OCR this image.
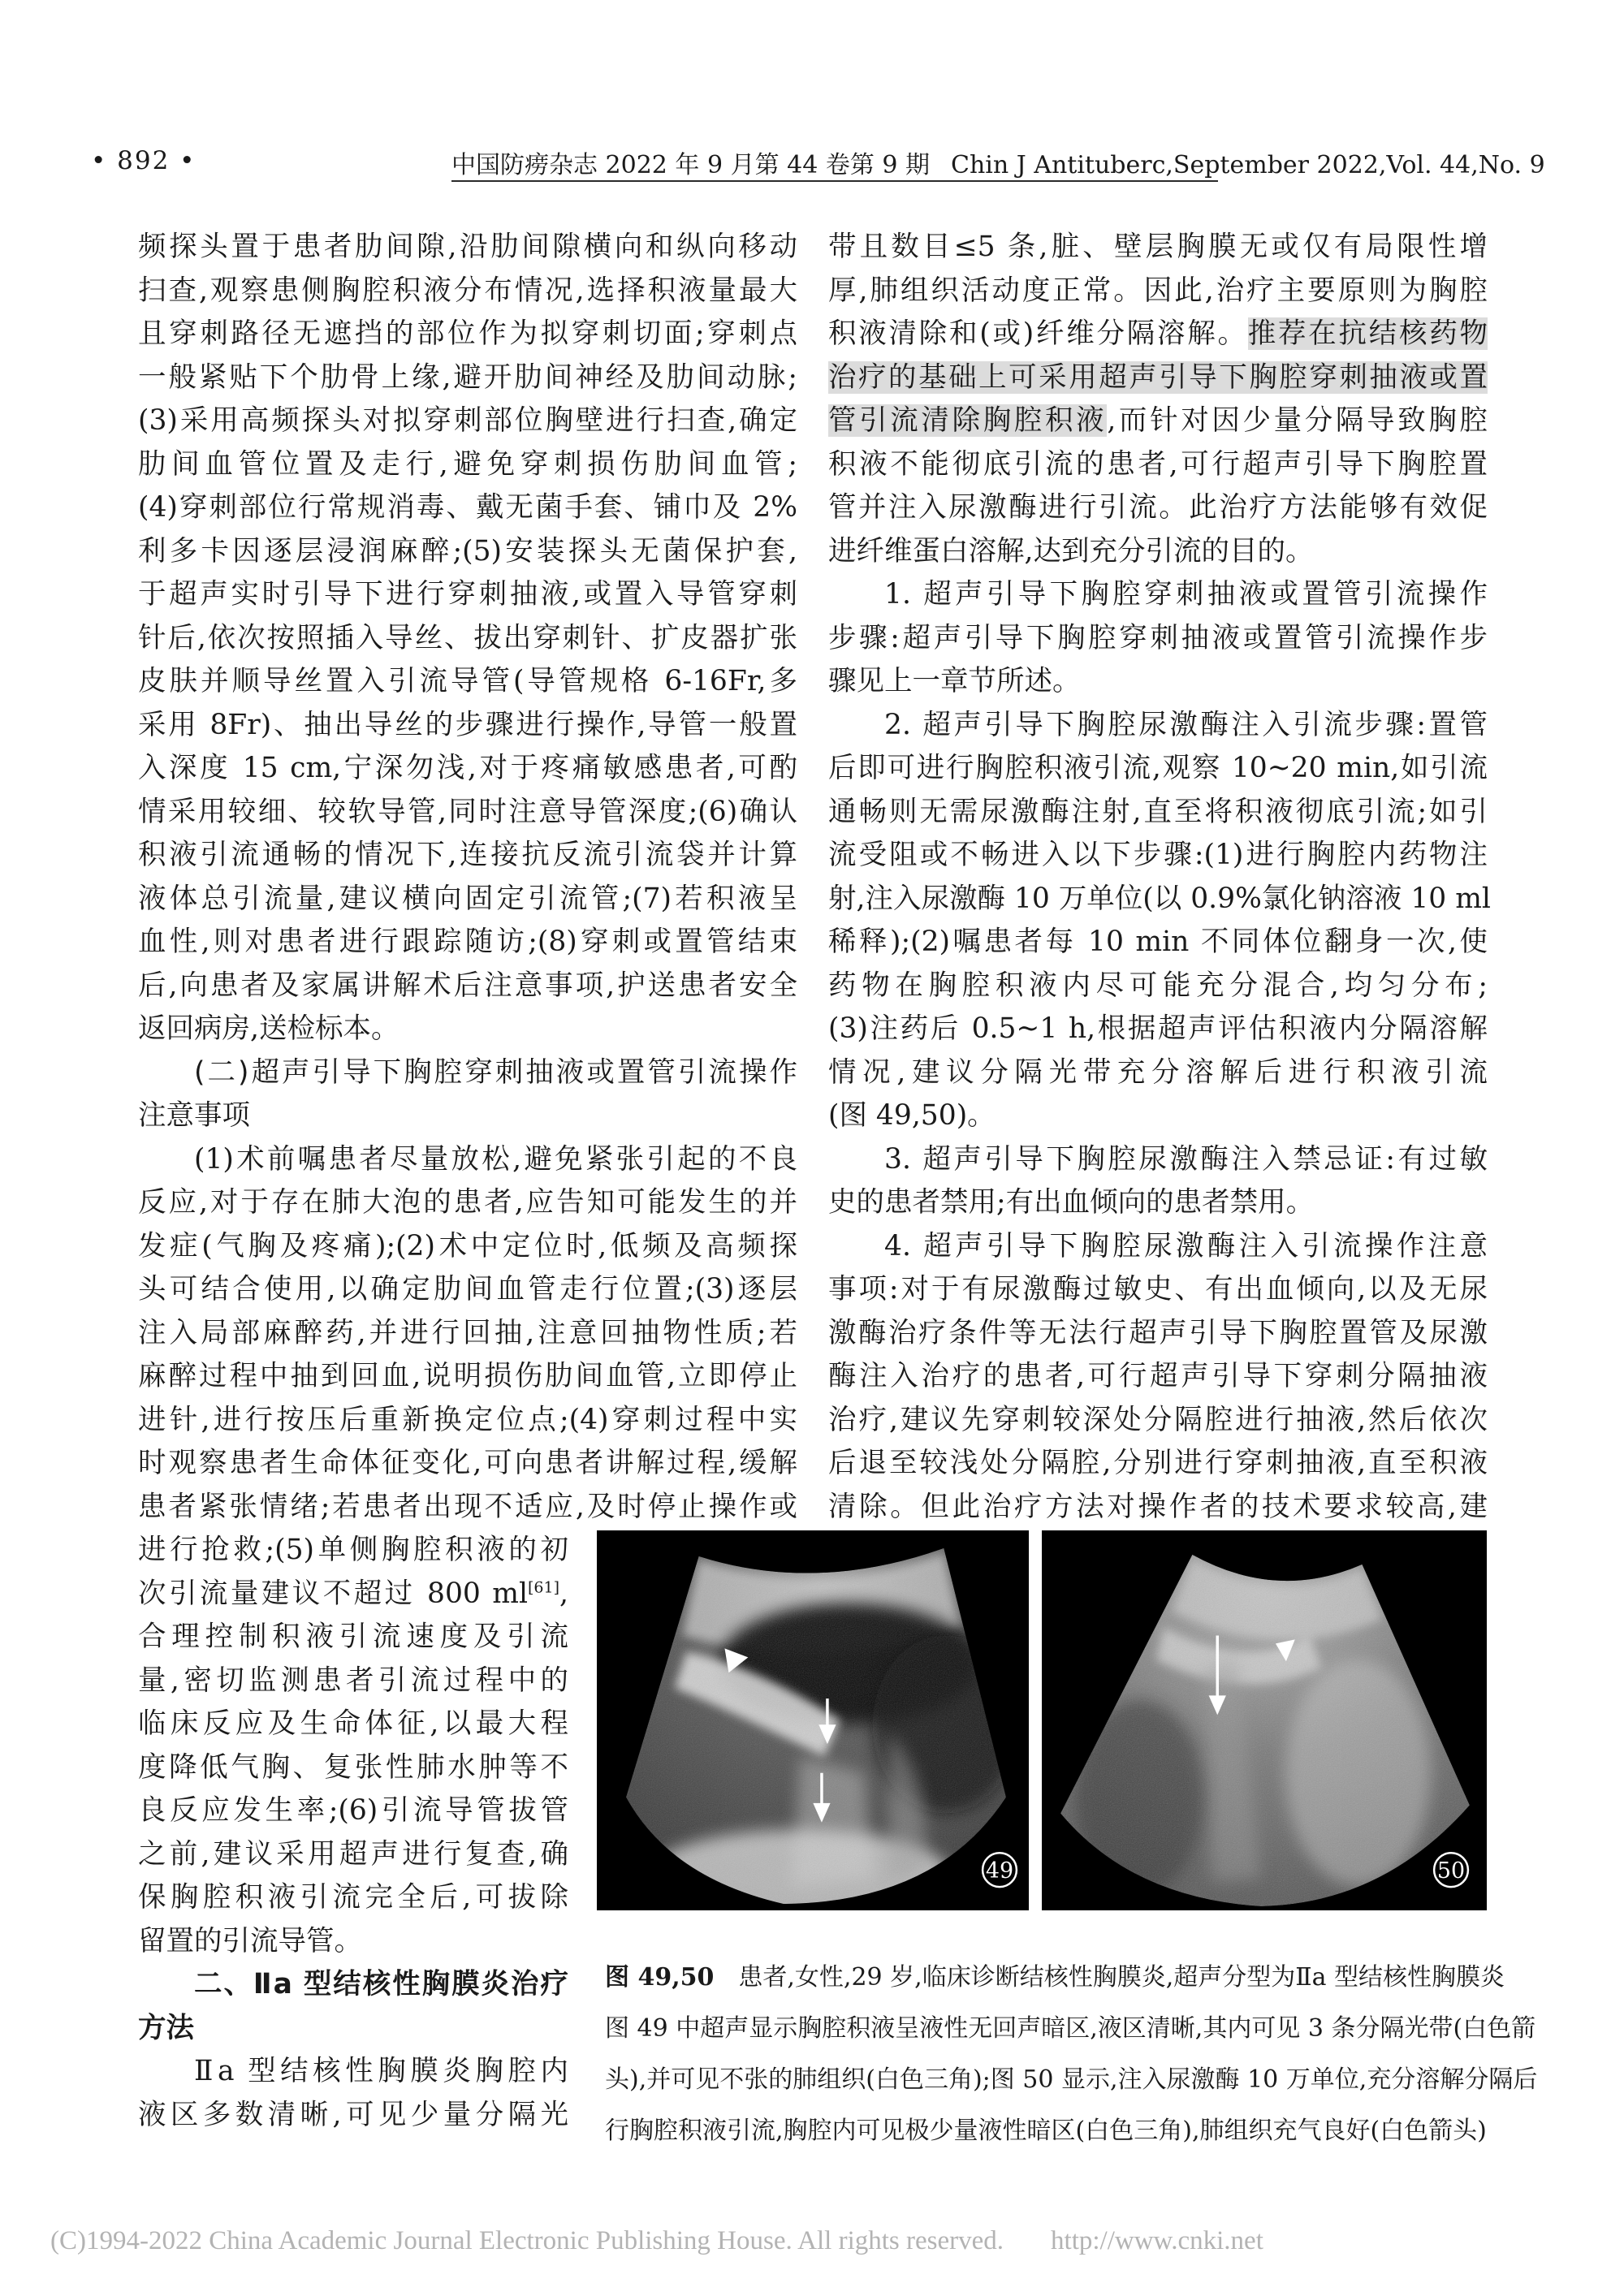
• 892 •	中国防痨杂志 2022 年 9 月第 44 卷第 9 期 Chin J Antituberc,September 2022,Vol. 44,No. 9
频探头置于患者肋间隙,沿肋间隙横向和纵向移动
扫查,观察患侧胸腔积液分布情况,选择积液量最大
且穿刺路径无遮挡的部位作为拟穿刺切面;穿刺点
一般紧贴下个肋骨上缘,避开肋间神经及肋间动脉;
(3)采用高频探头对拟穿刺部位胸壁进行扫查,确定
肋间血管位置及走行,避免穿刺损伤肋间血管;
(4)穿刺部位行常规消毒、戴无菌手套、铺巾及 2%
利多卡因逐层浸润麻醉;(5)安装探头无菌保护套,
于超声实时引导下进行穿刺抽液,或置入导管穿刺
针后,依次按照插入导丝、拔出穿刺针、扩皮器扩张
皮肤并顺导丝置入引流导管(导管规格 6-16Fr,多
采用 8Fr)、抽出导丝的步骤进行操作,导管一般置
入深度 15 cm,宁深勿浅,对于疼痛敏感患者,可酌
情采用较细、较软导管,同时注意导管深度;(6)确认
积液引流通畅的情况下,连接抗反流引流袋并计算
液体总引流量,建议横向固定引流管;(7)若积液呈
血性,则对患者进行跟踪随访;(8)穿刺或置管结束
后,向患者及家属讲解术后注意事项,护送患者安全
返回病房,送检标本。
(二)超声引导下胸腔穿刺抽液或置管引流操作
注意事项
(1)术前嘱患者尽量放松,避免紧张引起的不良
反应,对于存在肺大泡的患者,应告知可能发生的并
发症(气胸及疼痛);(2)术中定位时,低频及高频探
头可结合使用,以确定肋间血管走行位置;(3)逐层
注入局部麻醉药,并进行回抽,注意回抽物性质;若
麻醉过程中抽到回血,说明损伤肋间血管,立即停止
进针,进行按压后重新换定位点;(4)穿刺过程中实
时观察患者生命体征变化,可向患者讲解过程,缓解
患者紧张情绪;若患者出现不适应,及时停止操作或
进行抢救;(5)单侧胸腔积液的初
次引流量建议不超过 800 ml[61],
合理控制积液引流速度及引流
量,密切监测患者引流过程中的
临床反应及生命体征,以最大程
度降低气胸、复张性肺水肿等不
良反应发生率;(6)引流导管拔管
之前,建议采用超声进行复查,确
保胸腔积液引流完全后,可拔除
留置的引流导管。
二、Ⅱa 型结核性胸膜炎治疗
方法
Ⅱa 型结核性胸膜炎胸腔内
液区多数清晰,可见少量分隔光
带且数目≤5 条,脏、壁层胸膜无或仅有局限性增
厚,肺组织活动度正常。因此,治疗主要原则为胸腔
积液清除和(或)纤维分隔溶解。推荐在抗结核药物
治疗的基础上可采用超声引导下胸腔穿刺抽液或置
管引流清除胸腔积液,而针对因少量分隔导致胸腔
积液不能彻底引流的患者,可行超声引导下胸腔置
管并注入尿激酶进行引流。此治疗方法能够有效促
进纤维蛋白溶解,达到充分引流的目的。
1. 超声引导下胸腔穿刺抽液或置管引流操作
步骤:超声引导下胸腔穿刺抽液或置管引流操作步
骤见上一章节所述。
2. 超声引导下胸腔尿激酶注入引流步骤:置管
后即可进行胸腔积液引流,观察 10~20 min,如引流
通畅则无需尿激酶注射,直至将积液彻底引流;如引
流受阻或不畅进入以下步骤:(1)进行胸腔内药物注
射,注入尿激酶 10 万单位(以 0.9%氯化钠溶液 10 ml
稀释);(2)嘱患者每 10 min 不同体位翻身一次,使
药物在胸腔积液内尽可能充分混合,均匀分布;
(3)注药后 0.5~1 h,根据超声评估积液内分隔溶解
情况,建议分隔光带充分溶解后进行积液引流
(图 49,50)。
3. 超声引导下胸腔尿激酶注入禁忌证:有过敏
史的患者禁用;有出血倾向的患者禁用。
4. 超声引导下胸腔尿激酶注入引流操作注意
事项:对于有尿激酶过敏史、有出血倾向,以及无尿
激酶治疗条件等无法行超声引导下胸腔置管及尿激
酶注入治疗的患者,可行超声引导下穿刺分隔抽液
治疗,建议先穿刺较深处分隔腔进行抽液,然后依次
后退至较浅处分隔腔,分别进行穿刺抽液,直至积液
清除。但此治疗方法对操作者的技术要求较高,建
49	50
图 49,50　患者,女性,29 岁,临床诊断结核性胸膜炎,超声分型为Ⅱa 型结核性胸膜炎
图 49 中超声显示胸腔积液呈液性无回声暗区,液区清晰,其内可见 3 条分隔光带(白色箭
头),并可见不张的肺组织(白色三角);图 50 显示,注入尿激酶 10 万单位,充分溶解分隔后
行胸腔积液引流,胸腔内可见极少量液性暗区(白色三角),肺组织充气良好(白色箭头)
(C)1994-2022 China Academic Journal Electronic Publishing House. All rights reserved. http://www.cnki.net
